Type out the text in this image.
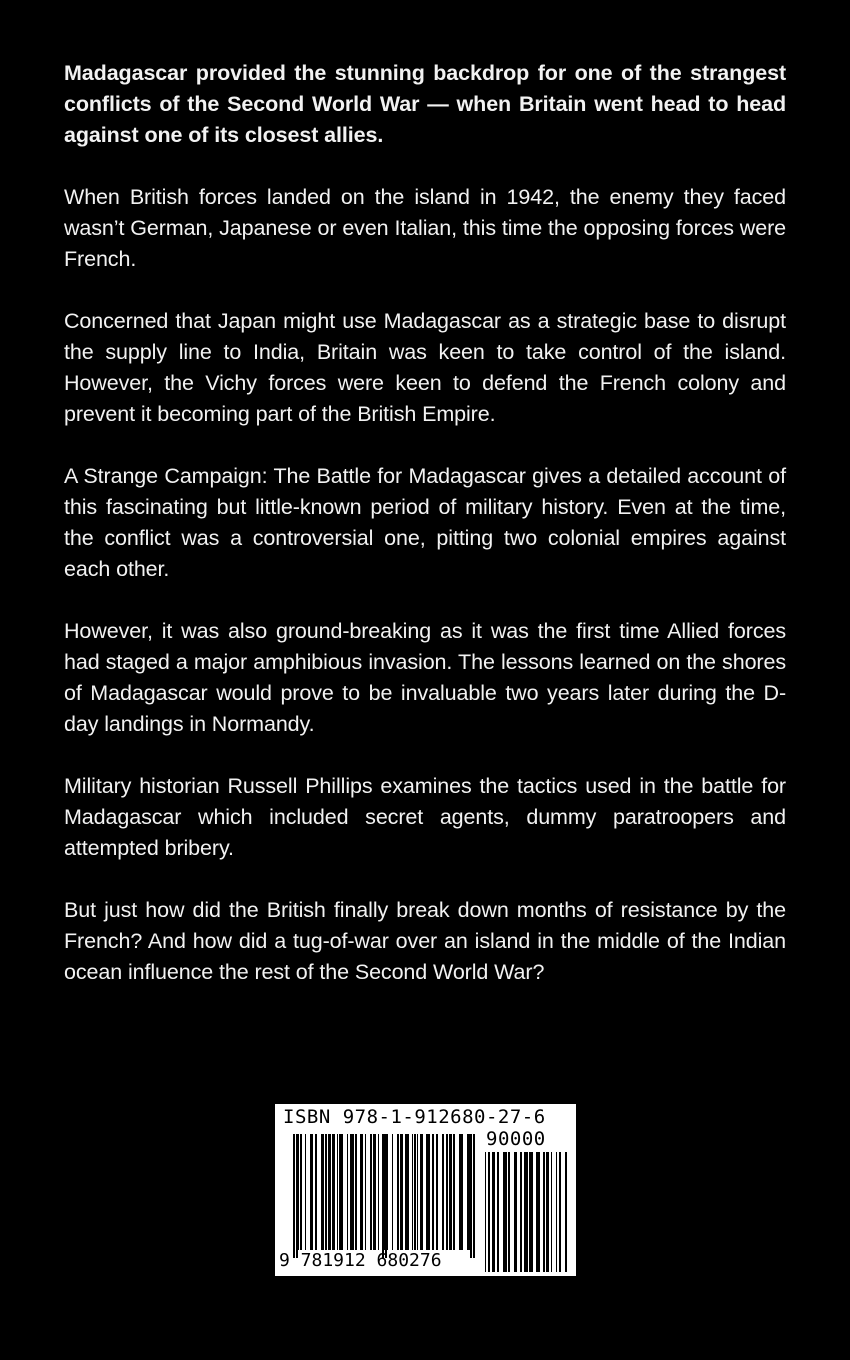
Madagascar provided the stunning backdrop for one of the strangest conflicts of the Second World War — when Britain went head to head against one of its closest allies.

When British forces landed on the island in 1942, the enemy they faced wasn’t German, Japanese or even Italian, this time the opposing forces were French.

Concerned that Japan might use Madagascar as a strategic base to disrupt the supply line to India, Britain was keen to take control of the island. However, the Vichy forces were keen to defend the French colony and prevent it becoming part of the British Empire.

A Strange Campaign: The Battle for Madagascar gives a detailed account of this fascinating but little-known period of military history. Even at the time, the conflict was a controversial one, pitting two colonial empires against each other.

However, it was also ground-breaking as it was the first time Allied forces had staged a major amphibious invasion. The lessons learned on the shores of Madagascar would prove to be invaluable two years later during the D-day landings in Normandy.

Military historian Russell Phillips examines the tactics used in the battle for Madagascar which included secret agents, dummy paratroopers and attempted bribery.

But just how did the British finally break down months of resistance by the French? And how did a tug-of-war over an island in the middle of the Indian ocean influence the rest of the Second World War?

ISBN 978-1-912680-27-6
90000
9 781912 680276
